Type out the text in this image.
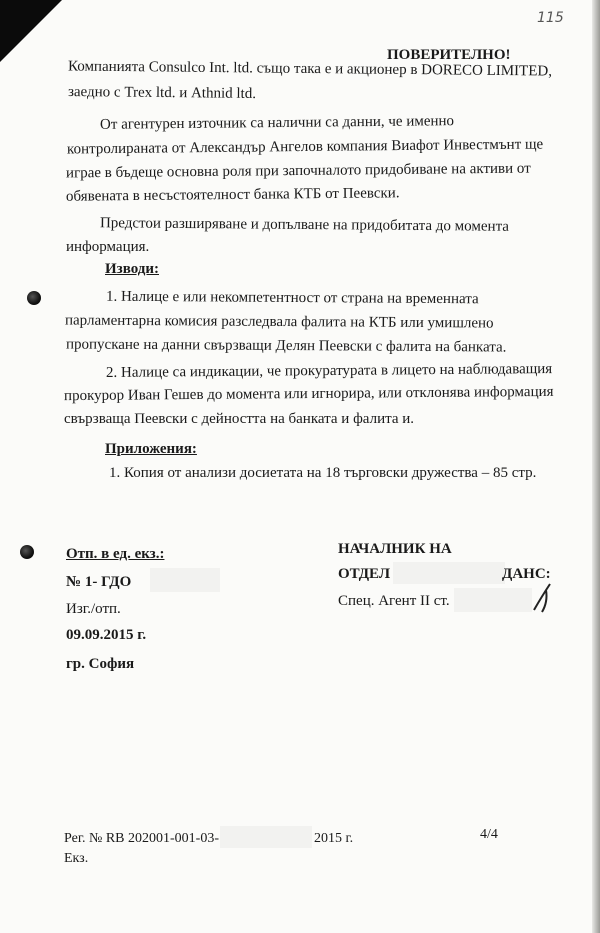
115
ПОВЕРИТЕЛНО!
Компанията Consulco Int. ltd. също така е и акционер в DORECO LIMITED,
заедно с Trex ltd. и Athnid ltd.
От агентурен източник са налични са данни, че именно
контролираната от Александър Ангелов компания Виафот Инвестмънт ще
играе в бъдеще основна роля при започналото придобиване на активи от
обявената в несъстоятелност банка КТБ от Пеевски.
Предстои разширяване и допълване на придобитата до момента
информация.
Изводи:
1. Налице е или некомпетентност от страна на временната
парламентарна комисия разследвала фалита на КТБ или умишлено
пропускане на данни свързващи Делян Пеевски с фалита на банката.
2. Налице са индикации, че прокуратурата в лицето на наблюдаващия
прокурор Иван Гешев до момента или игнорира, или отклонява информация
свързваща Пеевски с дейността на банката и фалита и.
Приложения:
1. Копия от анализи досиетата на 18 търговски дружества – 85 стр.
Отп. в ед. екз.:
№ 1- ГДО
Изг./отп.
09.09.2015 г.
гр. София
НАЧАЛНИК НА
ОТДЕЛ	ДАНС:
Спец. Агент II ст.
Рег. № RB 202001-001-03-	2015 г.	4/4
Екз.
